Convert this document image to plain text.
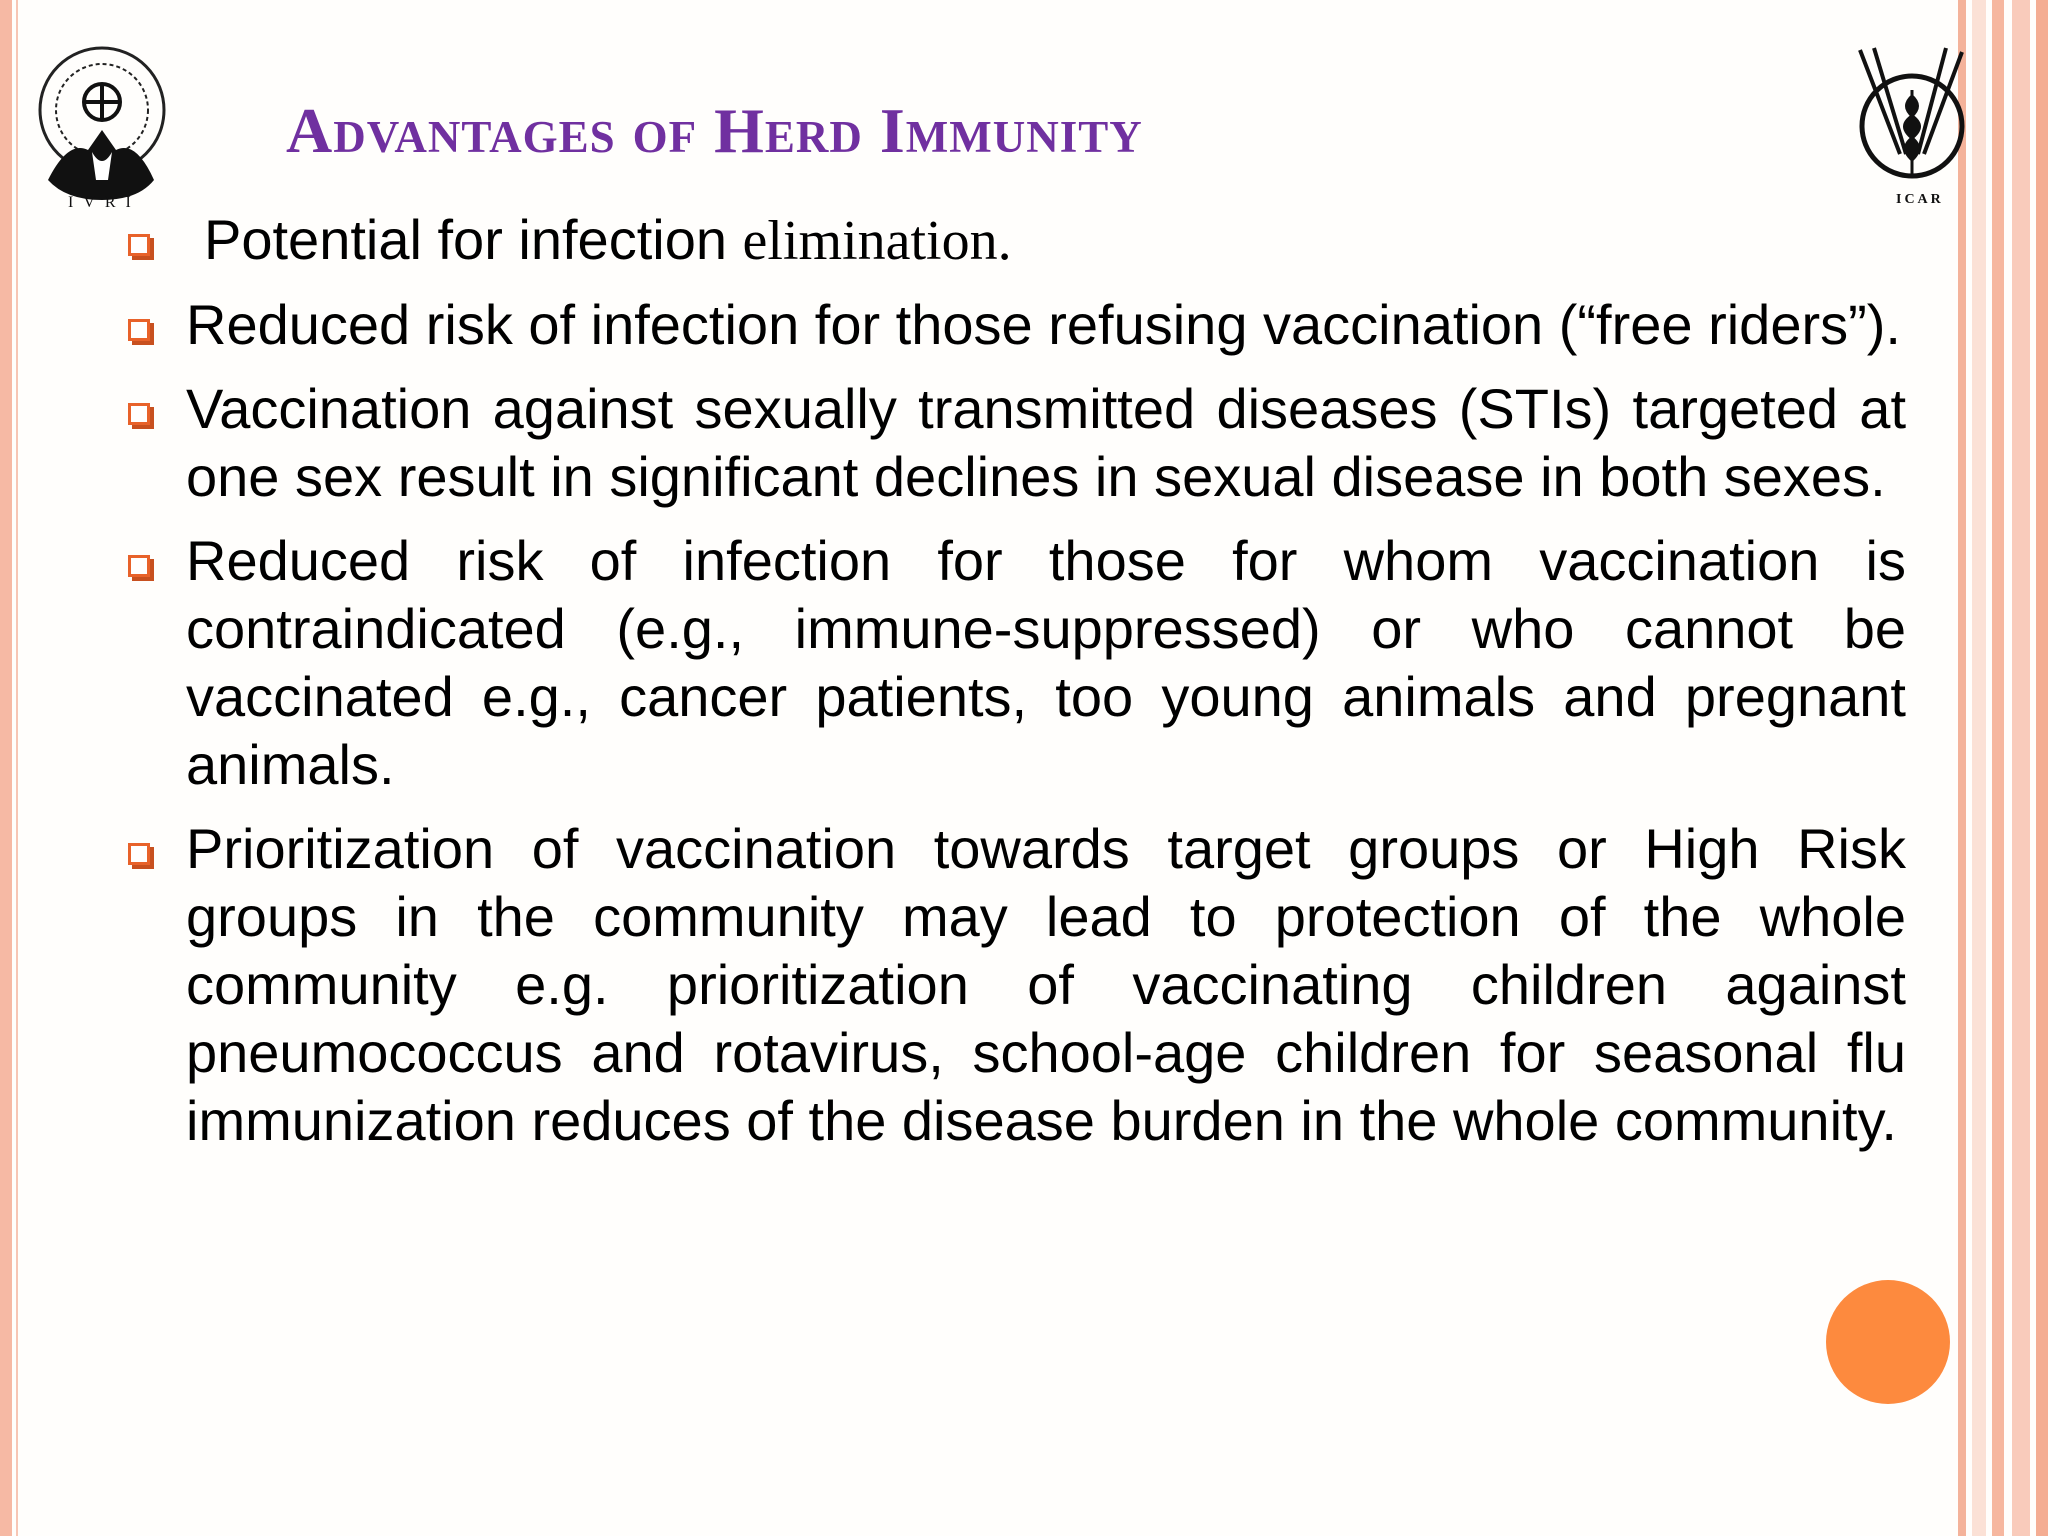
IVRI	ICAR
Advantages of Herd Immunity
Potential for infection elimination.
Reduced risk of infection for those refusing vaccination (“free riders”).
Vaccination against sexually transmitted diseases (STIs) targeted at one sex result in significant declines in sexual disease in both sexes.
Reduced risk of infection for those for whom vaccination is contraindicated (e.g., immune-suppressed) or who cannot be vaccinated e.g., cancer patients, too young animals and pregnant animals.
Prioritization of vaccination towards target groups or High Risk groups in the community may lead to protection of the whole community e.g. prioritization of vaccinating children against pneumococcus and rotavirus, school-age children for seasonal flu immunization reduces of the disease burden in the whole community.
